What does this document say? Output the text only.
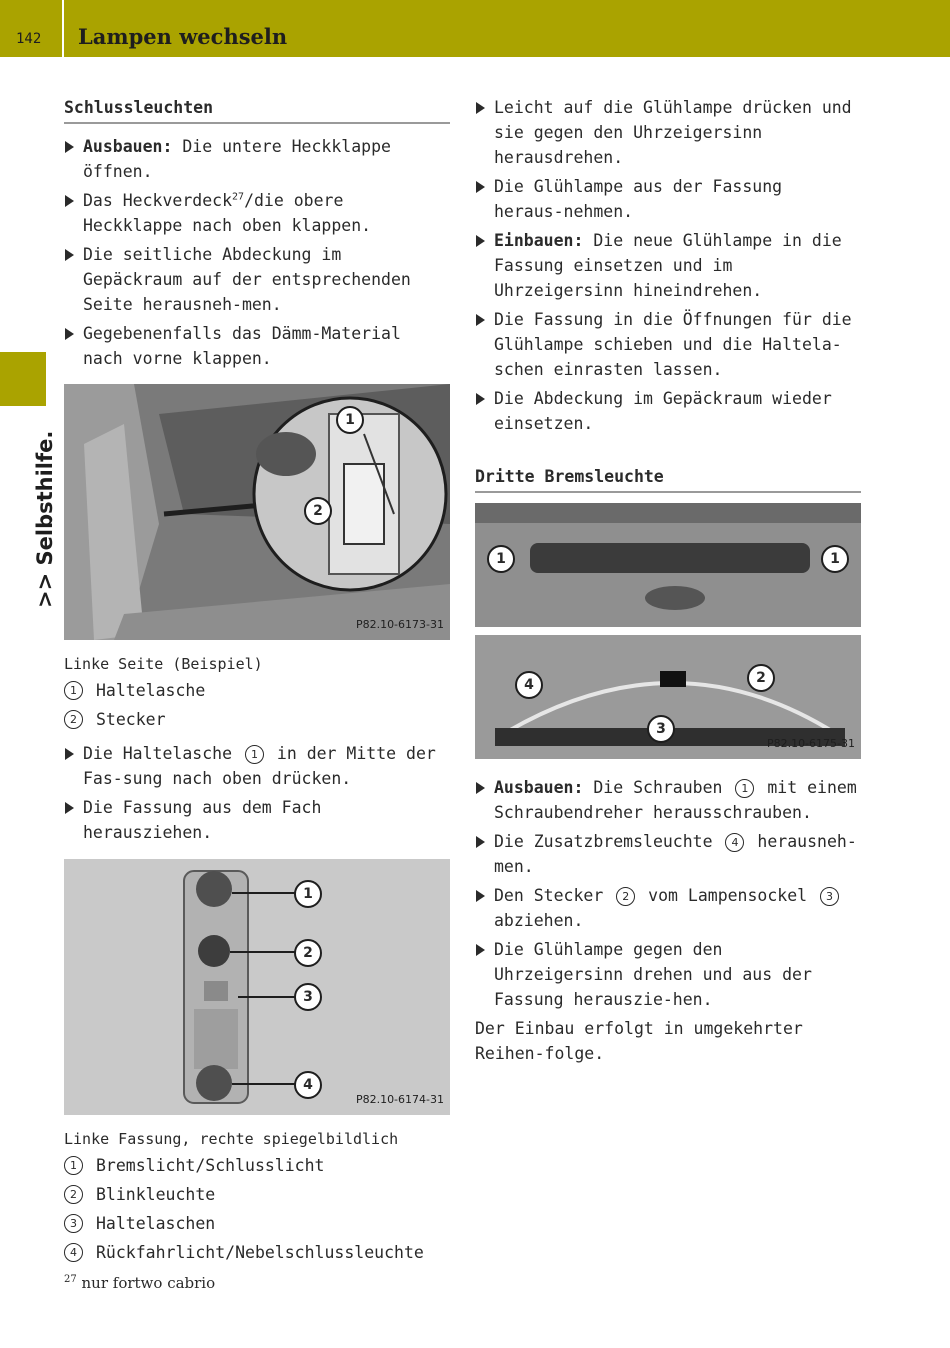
142 Lampen wechseln
>> Selbsthilfe.
Schlussleuchten
Ausbauen: Die untere Heckklappe öffnen.
Das Heckverdeck$^{27}$/die obere Heckklappe nach oben klappen.
Die seitliche Abdeckung im Gepäckraum auf der entsprechenden Seite herausneh-men.
Gegebenenfalls das Dämm-Material nach vorne klappen.
1
2
P82.10-6173-31
Linke Seite (Beispiel)
1	Haltelasche
2	Stecker
Die Haltelasche 1 in der Mitte der Fas-sung nach oben drücken.
Die Fassung aus dem Fach herausziehen.
1
2
3
4
P82.10-6174-31
Linke Fassung, rechte spiegelbildlich
1	Bremslicht/Schlusslicht
2	Blinkleuchte
3	Haltelaschen
4	Rückfahrlicht/Nebelschlussleuchte
Leicht auf die Glühlampe drücken und sie gegen den Uhrzeigersinn herausdrehen.
Die Glühlampe aus der Fassung heraus-nehmen.
Einbauen: Die neue Glühlampe in die Fassung einsetzen und im Uhrzeigersinn hineindrehen.
Die Fassung in die Öffnungen für die Glühlampe schieben und die Haltela-schen einrasten lassen.
Die Abdeckung im Gepäckraum wieder einsetzen.
Dritte Bremsleuchte
1	1
4	2
3
P82.10-6175-31
Ausbauen: Die Schrauben 1 mit einem Schraubendreher herausschrauben.
Die Zusatzbremsleuchte 4 herausneh-men.
Den Stecker 2 vom Lampensockel 3 abziehen.
Die Glühlampe gegen den Uhrzeigersinn drehen und aus der Fassung herauszie-hen.
Der Einbau erfolgt in umgekehrter Reihen-folge.
$^{27}$ nur fortwo cabrio
